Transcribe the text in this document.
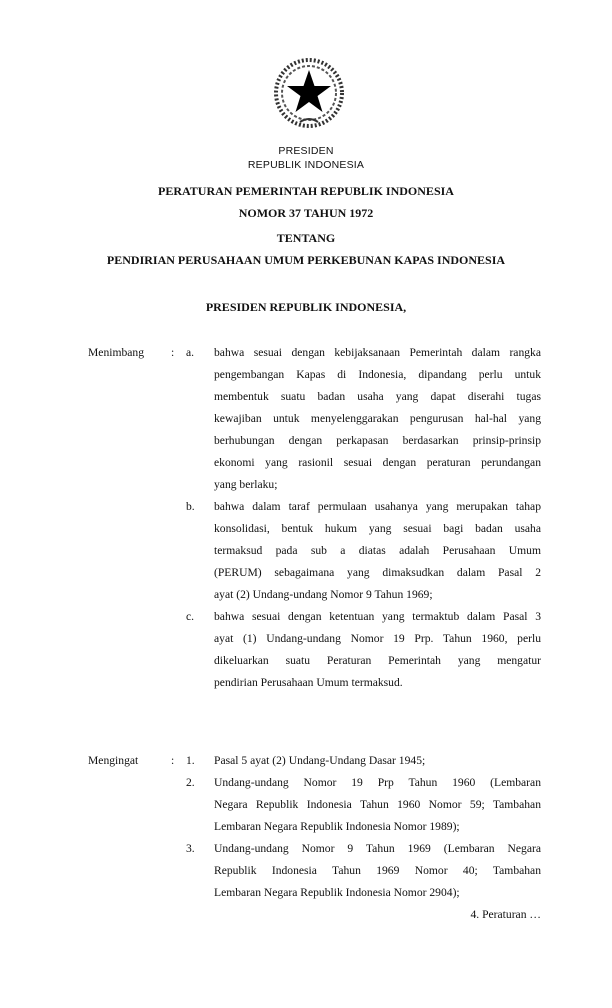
PRESIDEN
REPUBLIK INDONESIA
PERATURAN PEMERINTAH REPUBLIK INDONESIA
NOMOR 37 TAHUN 1972
TENTANG
PENDIRIAN PERUSAHAAN UMUM PERKEBUNAN KAPAS INDONESIA
PRESIDEN REPUBLIK INDONESIA,
Menimbang : a. bahwa sesuai dengan kebijaksanaan Pemerintah dalam rangka
pengembangan Kapas di Indonesia, dipandang perlu untuk
membentuk suatu badan usaha yang dapat diserahi tugas
kewajiban untuk menyelenggarakan pengurusan hal-hal yang
berhubungan dengan perkapasan berdasarkan prinsip-prinsip
ekonomi yang rasionil sesuai dengan peraturan perundangan
yang berlaku;
b. bahwa dalam taraf permulaan usahanya yang merupakan tahap
konsolidasi, bentuk hukum yang sesuai bagi badan usaha
termaksud pada sub a diatas adalah Perusahaan Umum
(PERUM) sebagaimana yang dimaksudkan dalam Pasal 2
ayat (2) Undang-undang Nomor 9 Tahun 1969;
c. bahwa sesuai dengan ketentuan yang termaktub dalam Pasal 3
ayat (1) Undang-undang Nomor 19 Prp. Tahun 1960, perlu
dikeluarkan suatu Peraturan Pemerintah yang mengatur
pendirian Perusahaan Umum termaksud.
Mengingat	: 1. Pasal 5 ayat (2) Undang-Undang Dasar 1945;
2. Undang-undang Nomor 19 Prp Tahun 1960 (Lembaran
Negara Republik Indonesia Tahun 1960 Nomor 59; Tambahan
Lembaran Negara Republik Indonesia Nomor 1989);
3. Undang-undang Nomor 9 Tahun 1969 (Lembaran Negara
Republik Indonesia Tahun 1969 Nomor 40; Tambahan
Lembaran Negara Republik Indonesia Nomor 2904);
4. Peraturan …
